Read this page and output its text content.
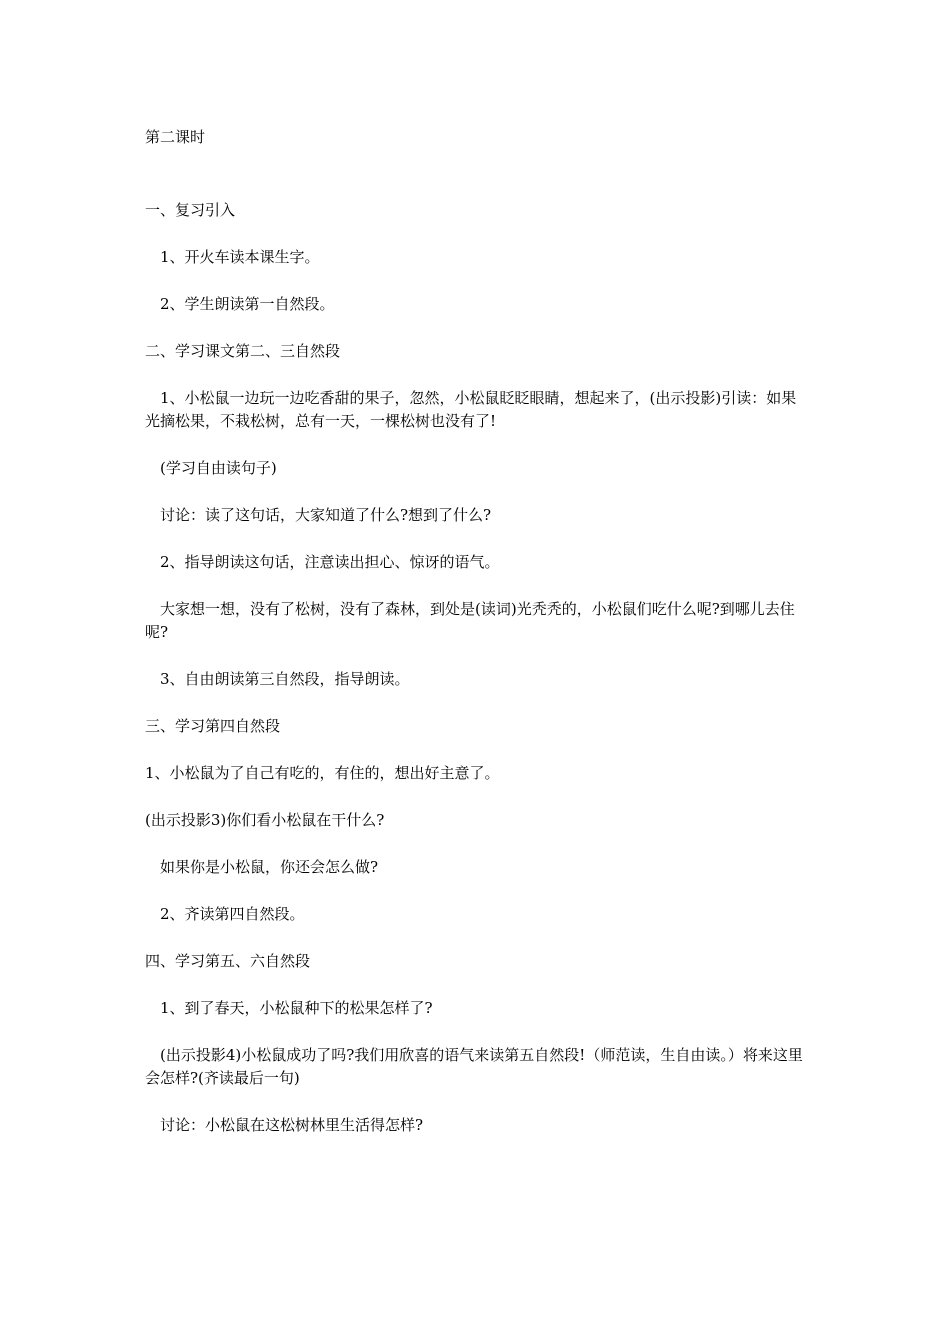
第二课时

一、复习引入

1、开火车读本课生字。

2、学生朗读第一自然段。

二、学习课文第二、三自然段

1、小松鼠一边玩一边吃香甜的果子，忽然，小松鼠眨眨眼睛，想起来了，(出示投影)引读：如果光摘松果，不栽松树，总有一天，一棵松树也没有了!

(学习自由读句子)

讨论：读了这句话，大家知道了什么?想到了什么?

2、指导朗读这句话，注意读出担心、惊讶的语气。

大家想一想，没有了松树，没有了森林，到处是(读词)光秃秃的，小松鼠们吃什么呢?到哪儿去住呢?

3、自由朗读第三自然段，指导朗读。

三、学习第四自然段

1、小松鼠为了自己有吃的，有住的，想出好主意了。

(出示投影3)你们看小松鼠在干什么?

如果你是小松鼠，你还会怎么做?

2、齐读第四自然段。

四、学习第五、六自然段

1、到了春天，小松鼠种下的松果怎样了?

(出示投影4)小松鼠成功了吗?我们用欣喜的语气来读第五自然段!（师范读，生自由读。）将来这里会怎样?(齐读最后一句)

讨论：小松鼠在这松树林里生活得怎样?
